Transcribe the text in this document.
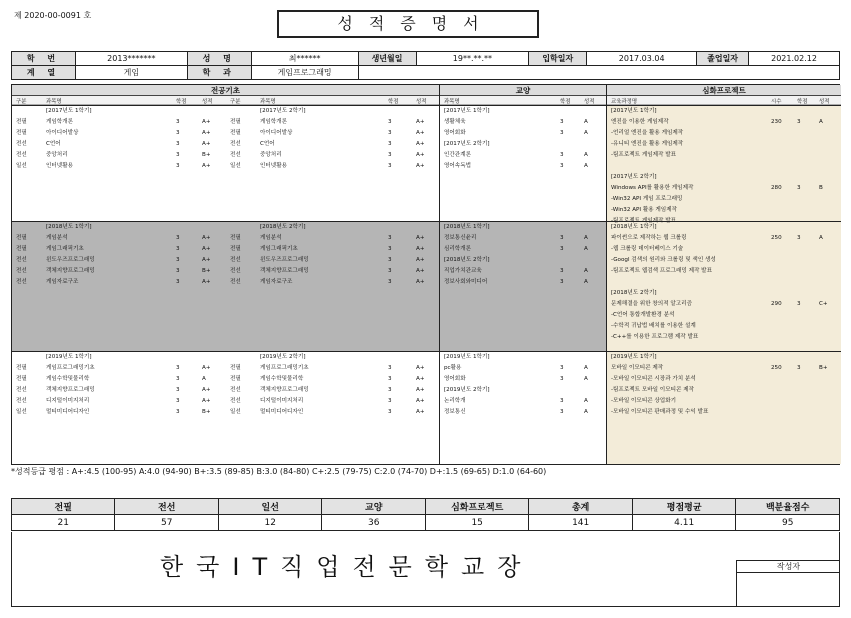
제 2020-00-0091 호	성적증명서
학 번	2013*******	성 명	최******	생년월일	19**.**.**	입학일자	2017.03.04	졸업일자	2021.02.12
계 열	게임	학 과	게임프로그래밍						
전공기초
구분	과목명	학점	성적	구분	과목명	학점	성적
[2017년도 1학기]	[2017년도 2학기]
전필	게임학개론	3	A+	전필	게임학개론	3	A+
전필	아이디어발상	3	A+	전필	아이디어발상	3	A+
전선	C언어	3	A+	전선	C언어	3	A+
전선	중앙처리	3	B+	전선	중앙처리	3	A+
일선	인터넷활용	3	A+	일선	인터넷활용	3	A+
[2018년도 1학기]	[2018년도 2학기]
전필	게임분석	3	A+	전필	게임분석	3	A+
전필	게임그래픽기초	3	A+	전필	게임그래픽기초	3	A+
전선	윈도우즈프로그래밍	3	A+	전선	윈도우즈프로그래밍	3	A+
전선	객체지향프로그래밍	3	B+	전선	객체지향프로그래밍	3	A+
전선	게임자료구조	3	A+	전선	게임자료구조	3	A+
[2019년도 1학기]	[2019년도 2학기]
전필	게임프로그래밍기초	3	A+	전필	게임프로그래밍기초	3	A+
전필	게임수학및물리학	3	A	전필	게임수학및물리학	3	A+
전선	객체지향프로그래밍	3	A+	전선	객체지향프로그래밍	3	A+
전선	디지털이미지처리	3	A+	전선	디지털이미지처리	3	A+
일선	멀티미디어디자인	3	B+	일선	멀티미디어디자인	3	A+
교양
과목명	학점	성적
[2017년도 1학기]
생활체육	3	A
영어회화	3	A
[2017년도 2학기]
인간관계론	3	A
영어속독법	3	A
[2018년도 1학기]
정보통신윤리	3	A
심리학개론	3	A
[2018년도 2학기]
직업가치관교육	3	A
정보사회와미디어	3	A
[2019년도 1학기]
pc활용	3	A
영어회화	3	A
[2019년도 2학기]
논리학개	3	A
정보통신	3	A
심화프로젝트
교육과정명	시수	학점 성적
[2017년도 1학기]
엔진을 이용한 게임제작	230	3	A
-언리얼 엔진을 활용 게임제작
-유니티 엔진을 활용 게임제작
-팀프로젝트 게임제작 발표
[2017년도 2학기]
Windows API를 활용한 게임제작	280	3	B
-Win32 API 게임 프로그래밍
-Win32 API 활용 게임제작
-팀프로젝트 게임제작 발표
[2018년도 1학기]
파이썬으로 제작하는 웹 크롤링	250	3	A
-웹 크롤링 데이터베이스 기술
-Googl 검색의 원리와 크롤링 및 색인 생성
-팀프로젝트 웹검색 프로그래밍 제작 발표
[2018년도 2학기]
문제해결을 위한 창의적 알고리즘	290	3	C+
-C언어 통합개발환경 분석
-수학적 귀납법 배치를 이용한 설계
-C++를 이용한 프로그램 제작 발표
[2019년도 1학기]
모바일 이모티콘 제작	250	3	B+
-모바일 이모티콘 시장과 가치 분석
-팀프로젝트 모바일 이모티콘 제작
-모바일 이모티콘 상업화기
-모바일 이모티콘 판매과정 및 수익 발표
*성적등급 평점 : A+:4.5 (100-95) A:4.0 (94-90) B+:3.5 (89-85) B:3.0 (84-80) C+:2.5 (79-75) C:2.0 (74-70) D+:1.5 (69-65) D:1.0 (64-60)
전필	전선	일선	교양	심화프로젝트	총계	평점평균	백분율점수
21	57	12	36	15	141	4.11	95
한국IT직업전문학교장	작성자
